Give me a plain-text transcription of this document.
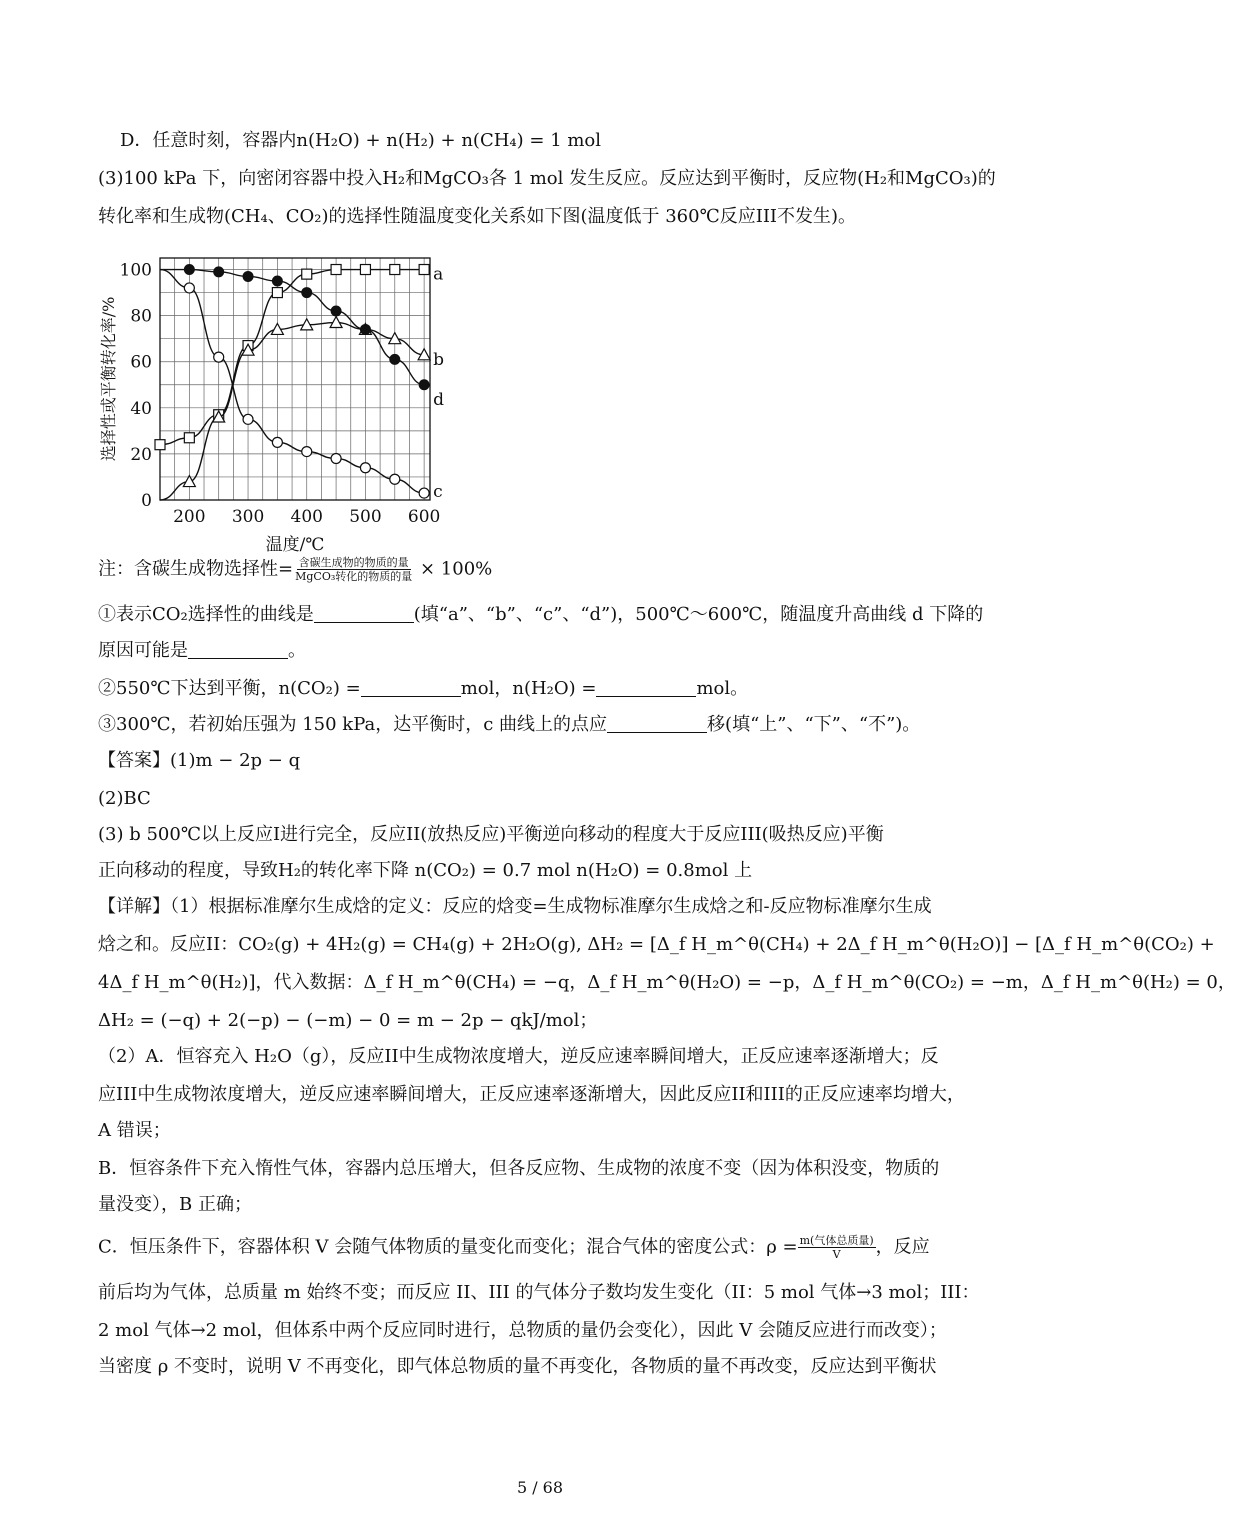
D．任意时刻，容器内n(H₂O) + n(H₂) + n(CH₄) = 1 mol
(3)100 kPa 下，向密闭容器中投入H₂和MgCO₃各 1 mol 发生反应。反应达到平衡时，反应物(H₂和MgCO₃)的
转化率和生成物(CH₄、CO₂)的选择性随温度变化关系如下图(温度低于 360℃反应III不发生)。
0
20
40
60
80
100
200 300 400 500 600
温度/℃
选择性或平衡转化率/%
a
b
c
d
注：含碳生成物选择性= $\frac{\text{含碳生成物的物质的量}}{\text{MgCO₃转化的物质的量}} \times 100\%$
①表示CO₂选择性的曲线是	(填“a”、“b”、“c”、“d”)，500℃～600℃，随温度升高曲线 d 下降的
原因可能是	。
②550℃下达到平衡，n(CO₂) =	mol，n(H₂O) =	mol。
③300℃，若初始压强为 150 kPa，达平衡时，c 曲线上的点应	移(填“上”、“下”、“不”)。
【答案】(1)m − 2p − q
(2)BC
(3) b 500℃以上反应I进行完全，反应II(放热反应)平衡逆向移动的程度大于反应III(吸热反应)平衡
正向移动的程度，导致H₂的转化率下降 n(CO₂) = 0.7 mol n(H₂O) = 0.8mol 上
【详解】（1）根据标准摩尔生成焓的定义：反应的焓变=生成物标准摩尔生成焓之和-反应物标准摩尔生成
焓之和。反应II：CO₂(g) + 4H₂(g) = CH₄(g) + 2H₂O(g), ΔH₂ = [Δ_f H_m^θ(CH₄) + 2Δ_f H_m^θ(H₂O)] − [Δ_f H_m^θ(CO₂) +
4Δ_f H_m^θ(H₂)]，代入数据：Δ_f H_m^θ(CH₄) = −q，Δ_f H_m^θ(H₂O) = −p，Δ_f H_m^θ(CO₂) = −m，Δ_f H_m^θ(H₂) = 0，
ΔH₂ = (−q) + 2(−p) − (−m) − 0 = m − 2p − qkJ/mol；
（2）A．恒容充入 H₂O（g），反应II中生成物浓度增大，逆反应速率瞬间增大，正反应速率逐渐增大；反
应III中生成物浓度增大，逆反应速率瞬间增大，正反应速率逐渐增大，因此反应II和III的正反应速率均增大，
A 错误；
B．恒容条件下充入惰性气体，容器内总压增大，但各反应物、生成物的浓度不变（因为体积没变，物质的
量没变），B 正确；
C．恒压条件下，容器体积 V 会随气体物质的量变化而变化；混合气体的密度公式：$\rho = \frac{\text{m(气体总质量)}}{V}$ ，反应
前后均为气体，总质量 m 始终不变；而反应 II、III 的气体分子数均发生变化（II：5 mol 气体→3 mol；III：
2 mol 气体→2 mol，但体系中两个反应同时进行，总物质的量仍会变化），因此 V 会随反应进行而改变）；
当密度 ρ 不变时，说明 V 不再变化，即气体总物质的量不再变化，各物质的量不再改变，反应达到平衡状
5 / 68
